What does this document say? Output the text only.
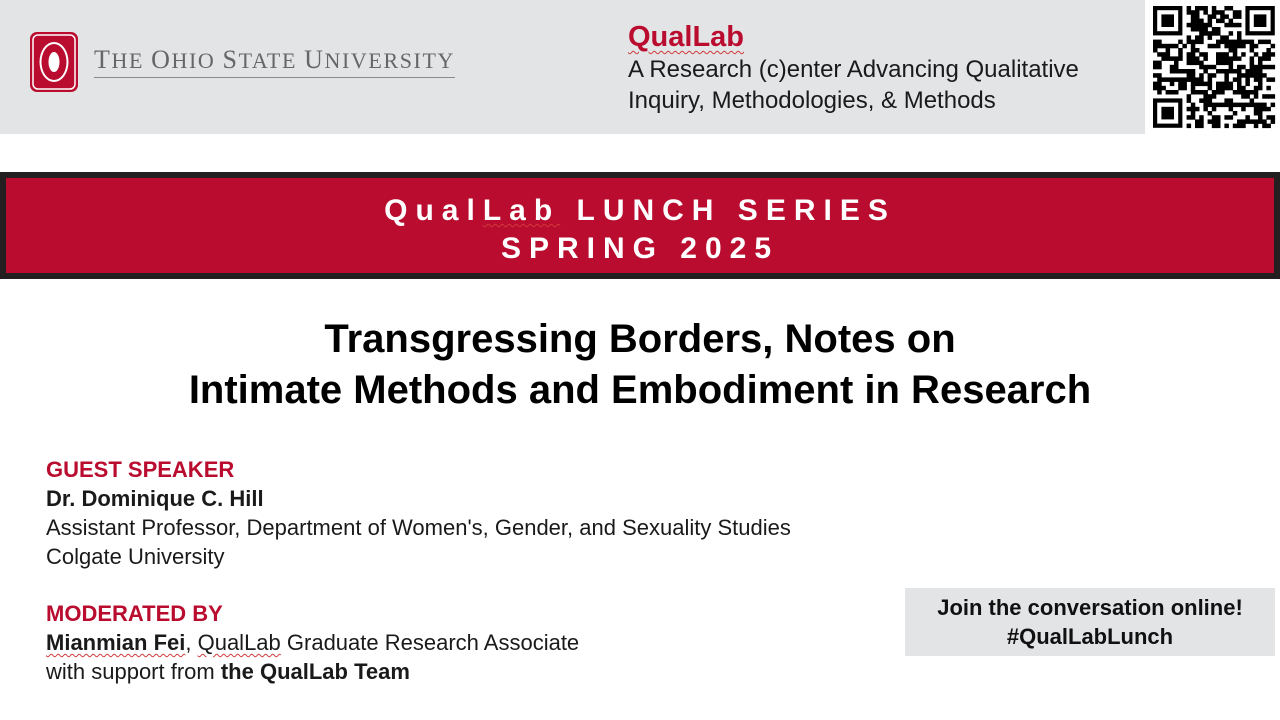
THE OHIO STATE UNIVERSITY
QualLab
A Research (c)enter Advancing Qualitative
Inquiry, Methodologies, & Methods
QualLab LUNCH SERIES
SPRING 2025
Transgressing Borders, Notes on
Intimate Methods and Embodiment in Research
GUEST SPEAKER
Dr. Dominique C. Hill
Assistant Professor, Department of Women's, Gender, and Sexuality Studies
Colgate University
MODERATED BY
Mianmian Fei, QualLab Graduate Research Associate
with support from the QualLab Team
Join the conversation online!
#QualLabLunch
